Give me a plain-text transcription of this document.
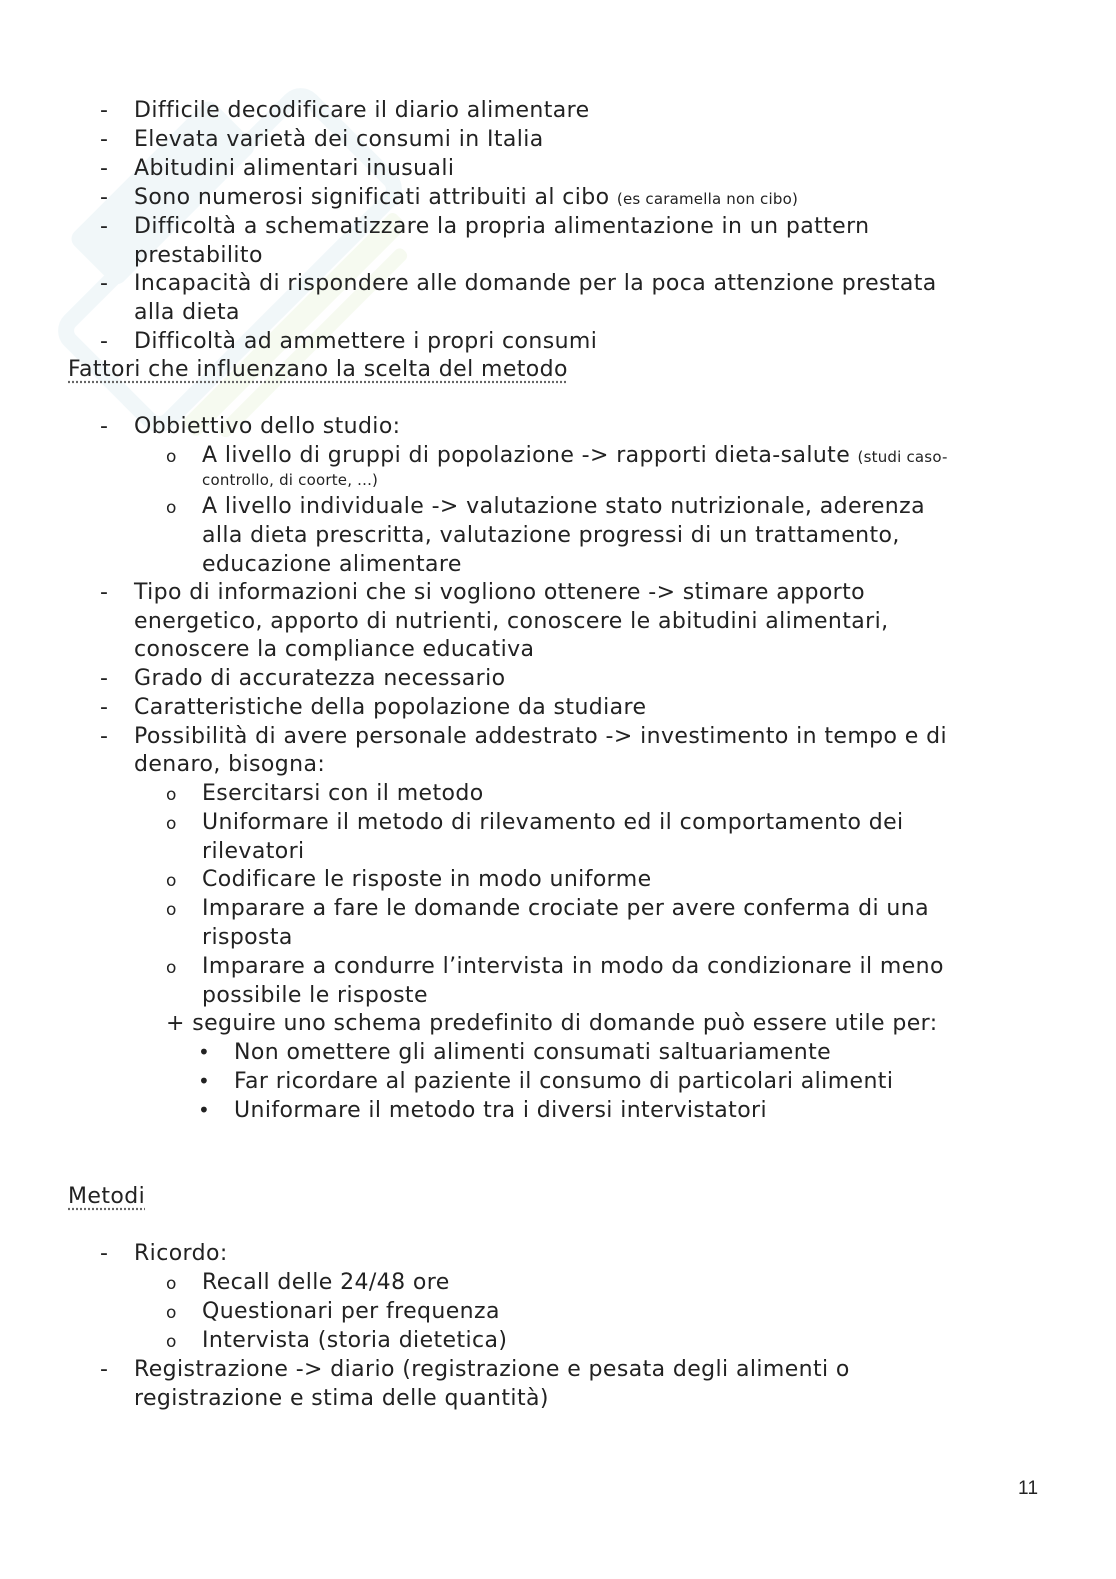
- Difficile decodificare il diario alimentare
- Elevata varietà dei consumi in Italia
- Abitudini alimentari inusuali
- Sono numerosi significati attribuiti al cibo (es caramella non cibo)
- Difficoltà a schematizzare la propria alimentazione in un pattern
prestabilito
- Incapacità di rispondere alle domande per la poca attenzione prestata
alla dieta
- Difficoltà ad ammettere i propri consumi
Fattori che influenzano la scelta del metodo
- Obbiettivo dello studio:
o A livello di gruppi di popolazione -> rapporti dieta-salute (studi caso-
controllo, di coorte, ...)
o A livello individuale -> valutazione stato nutrizionale, aderenza
alla dieta prescritta, valutazione progressi di un trattamento,
educazione alimentare
- Tipo di informazioni che si vogliono ottenere -> stimare apporto
energetico, apporto di nutrienti, conoscere le abitudini alimentari,
conoscere la compliance educativa
- Grado di accuratezza necessario
- Caratteristiche della popolazione da studiare
- Possibilità di avere personale addestrato -> investimento in tempo e di
denaro, bisogna:
o Esercitarsi con il metodo
o Uniformare il metodo di rilevamento ed il comportamento dei
rilevatori
o Codificare le risposte in modo uniforme
o Imparare a fare le domande crociate per avere conferma di una
risposta
o Imparare a condurre l’intervista in modo da condizionare il meno
possibile le risposte
+ seguire uno schema predefinito di domande può essere utile per:
• Non omettere gli alimenti consumati saltuariamente
• Far ricordare al paziente il consumo di particolari alimenti
• Uniformare il metodo tra i diversi intervistatori
Metodi
- Ricordo:
o Recall delle 24/48 ore
o Questionari per frequenza
o Intervista (storia dietetica)
- Registrazione -> diario (registrazione e pesata degli alimenti o
registrazione e stima delle quantità)
11
